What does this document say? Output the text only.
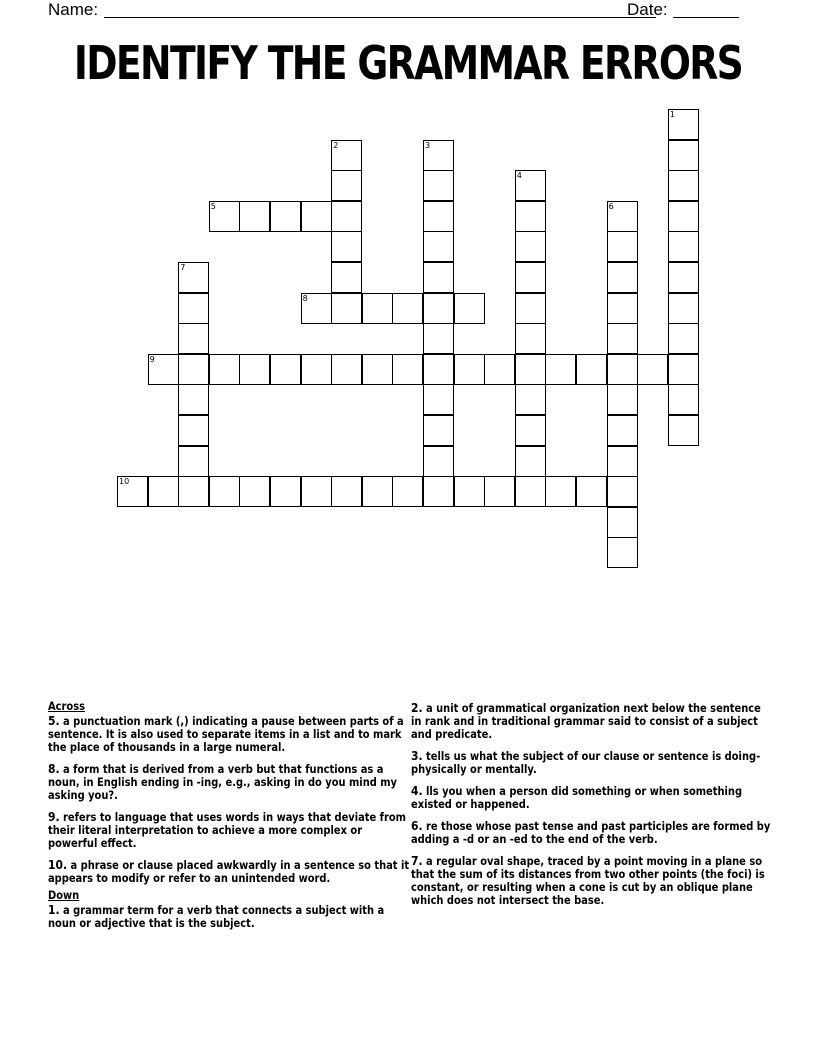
Name:	Date:
IDENTIFY THE GRAMMAR ERRORS
1
2	3
4
5	6
7
8
9
10
Across
5. a punctuation mark (,) indicating a pause between parts of a sentence. It is also used to separate items in a list and to mark the place of thousands in a large numeral.
8. a form that is derived from a verb but that functions as a noun, in English ending in -ing, e.g., asking in do you mind my asking you?.
9. refers to language that uses words in ways that deviate from their literal interpretation to achieve a more complex or powerful effect.
10. a phrase or clause placed awkwardly in a sentence so that it appears to modify or refer to an unintended word.
Down
1. a grammar term for a verb that connects a subject with a noun or adjective that is the subject.
2. a unit of grammatical organization next below the sentence in rank and in traditional grammar said to consist of a subject and predicate.
3. tells us what the subject of our clause or sentence is doing-physically or mentally.
4. lls you when a person did something or when something existed or happened.
6. re those whose past tense and past participles are formed by adding a -d or an -ed to the end of the verb.
7. a regular oval shape, traced by a point moving in a plane so that the sum of its distances from two other points (the foci) is constant, or resulting when a cone is cut by an oblique plane which does not intersect the base.
